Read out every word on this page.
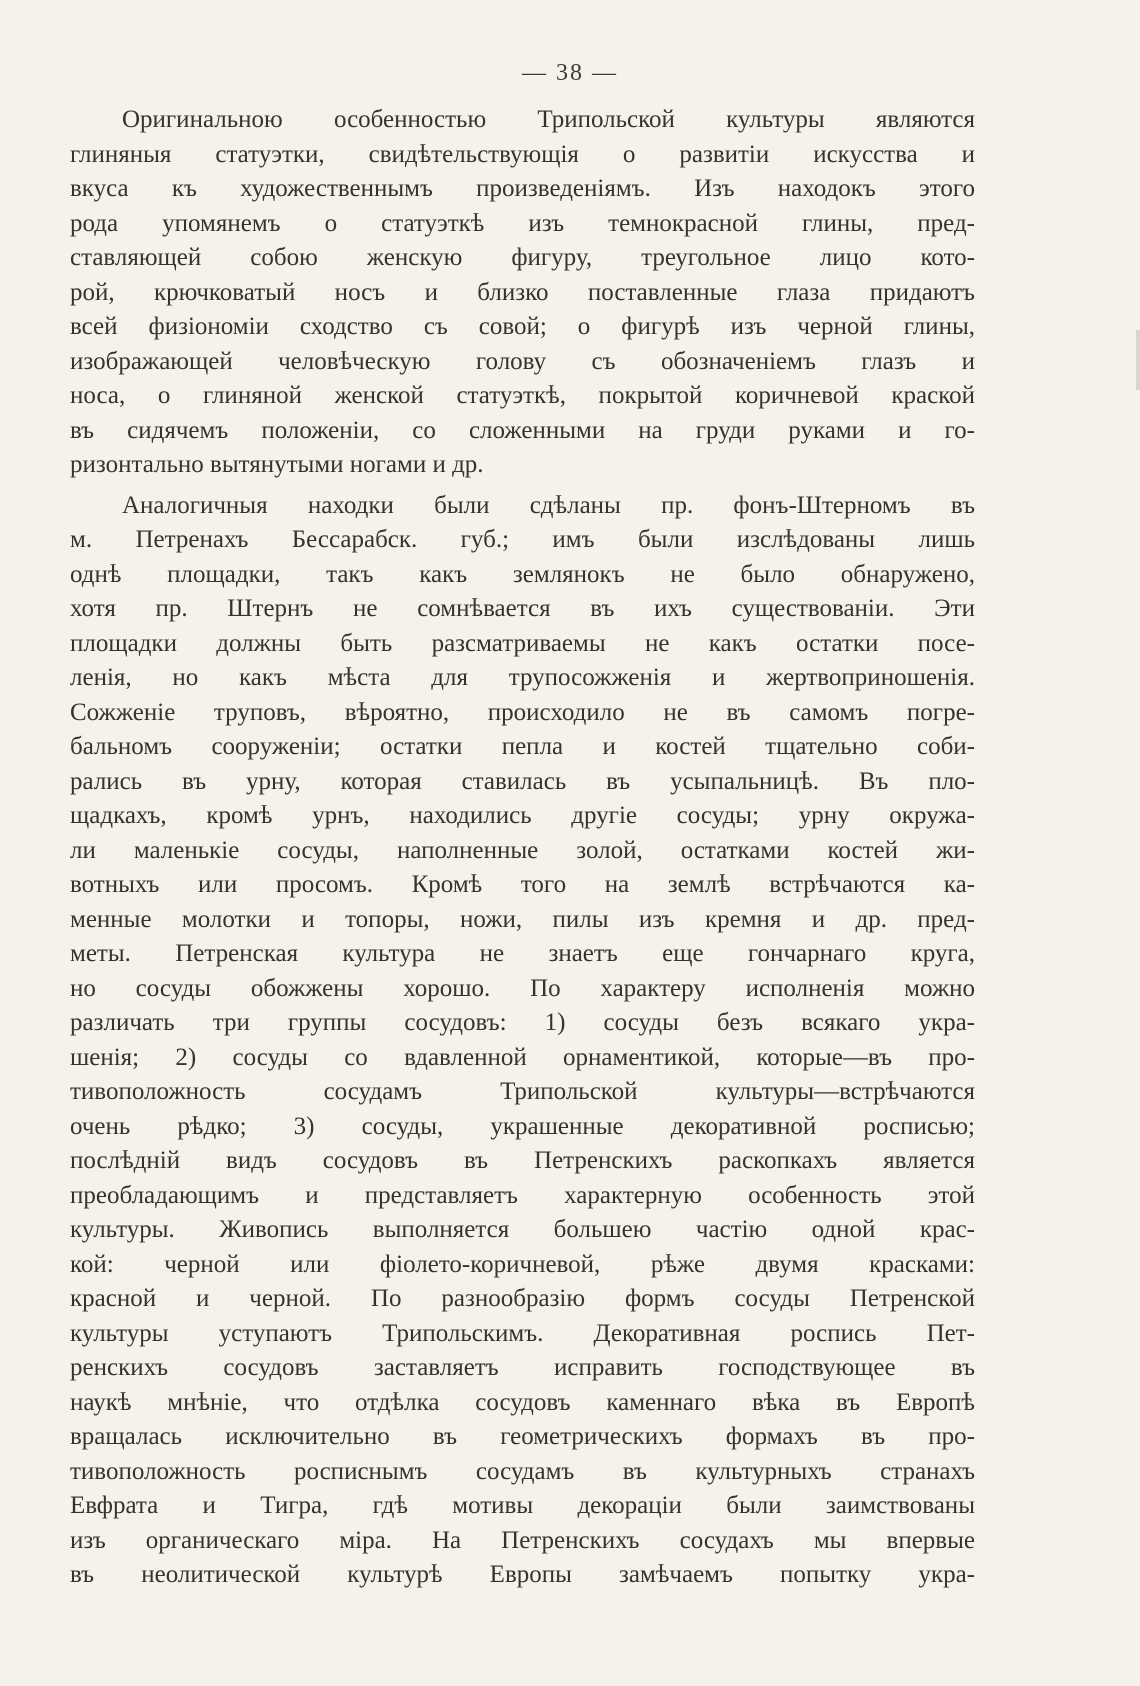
— 38 —
Оригинальною особенностью Трипольской культуры являются
глиняныя статуэтки, свидѣтельствующія о развитіи искусства и
вкуса къ художественнымъ произведеніямъ. Изъ находокъ этого
рода упомянемъ о статуэткѣ изъ темнокрасной глины, пред-
ставляющей собою женскую фигуру, треугольное лицо кото-
рой, крючковатый носъ и близко поставленные глаза придаютъ
всей физіономіи сходство съ совой; о фигурѣ изъ черной глины,
изображающей человѣческую голову съ обозначеніемъ глазъ и
носа, о глиняной женской статуэткѣ, покрытой коричневой краской
въ сидячемъ положеніи, со сложенными на груди руками и го-
ризонтально вытянутыми ногами и др.
Аналогичныя находки были сдѣланы пр. фонъ-Штерномъ въ
м. Петренахъ Бессарабск. губ.; имъ были изслѣдованы лишь
однѣ площадки, такъ какъ землянокъ не было обнаружено,
хотя пр. Штернъ не сомнѣвается въ ихъ существованіи. Эти
площадки должны быть разсматриваемы не какъ остатки посе-
ленія, но какъ мѣста для трупосожженія и жертвоприношенія.
Сожженіе труповъ, вѣроятно, происходило не въ самомъ погре-
бальномъ сооруженіи; остатки пепла и костей тщательно соби-
рались въ урну, которая ставилась въ усыпальницѣ. Въ пло-
щадкахъ, кромѣ урнъ, находились другіе сосуды; урну окружа-
ли маленькіе сосуды, наполненные золой, остатками костей жи-
вотныхъ или просомъ. Кромѣ того на землѣ встрѣчаются ка-
менные молотки и топоры, ножи, пилы изъ кремня и др. пред-
меты. Петренская культура не знаетъ еще гончарнаго круга,
но сосуды обожжены хорошо. По характеру исполненія можно
различать три группы сосудовъ: 1) сосуды безъ всякаго укра-
шенія; 2) сосуды со вдавленной орнаментикой, которые—въ про-
тивоположность сосудамъ Трипольской культуры—встрѣчаются
очень рѣдко; 3) сосуды, украшенные декоративной росписью;
послѣдній видъ сосудовъ въ Петренскихъ раскопкахъ является
преобладающимъ и представляетъ характерную особенность этой
культуры. Живопись выполняется большею частію одной крас-
кой: черной или фіолето-коричневой, рѣже двумя красками:
красной и черной. По разнообразію формъ сосуды Петренской
культуры уступаютъ Трипольскимъ. Декоративная роспись Пет-
ренскихъ сосудовъ заставляетъ исправить господствующее въ
наукѣ мнѣніе, что отдѣлка сосудовъ каменнаго вѣка въ Европѣ
вращалась исключительно въ геометрическихъ формахъ въ про-
тивоположность росписнымъ сосудамъ въ культурныхъ странахъ
Евфрата и Тигра, гдѣ мотивы декораціи были заимствованы
изъ органическаго міра. На Петренскихъ сосудахъ мы впервые
въ неолитической культурѣ Европы замѣчаемъ попытку укра-
